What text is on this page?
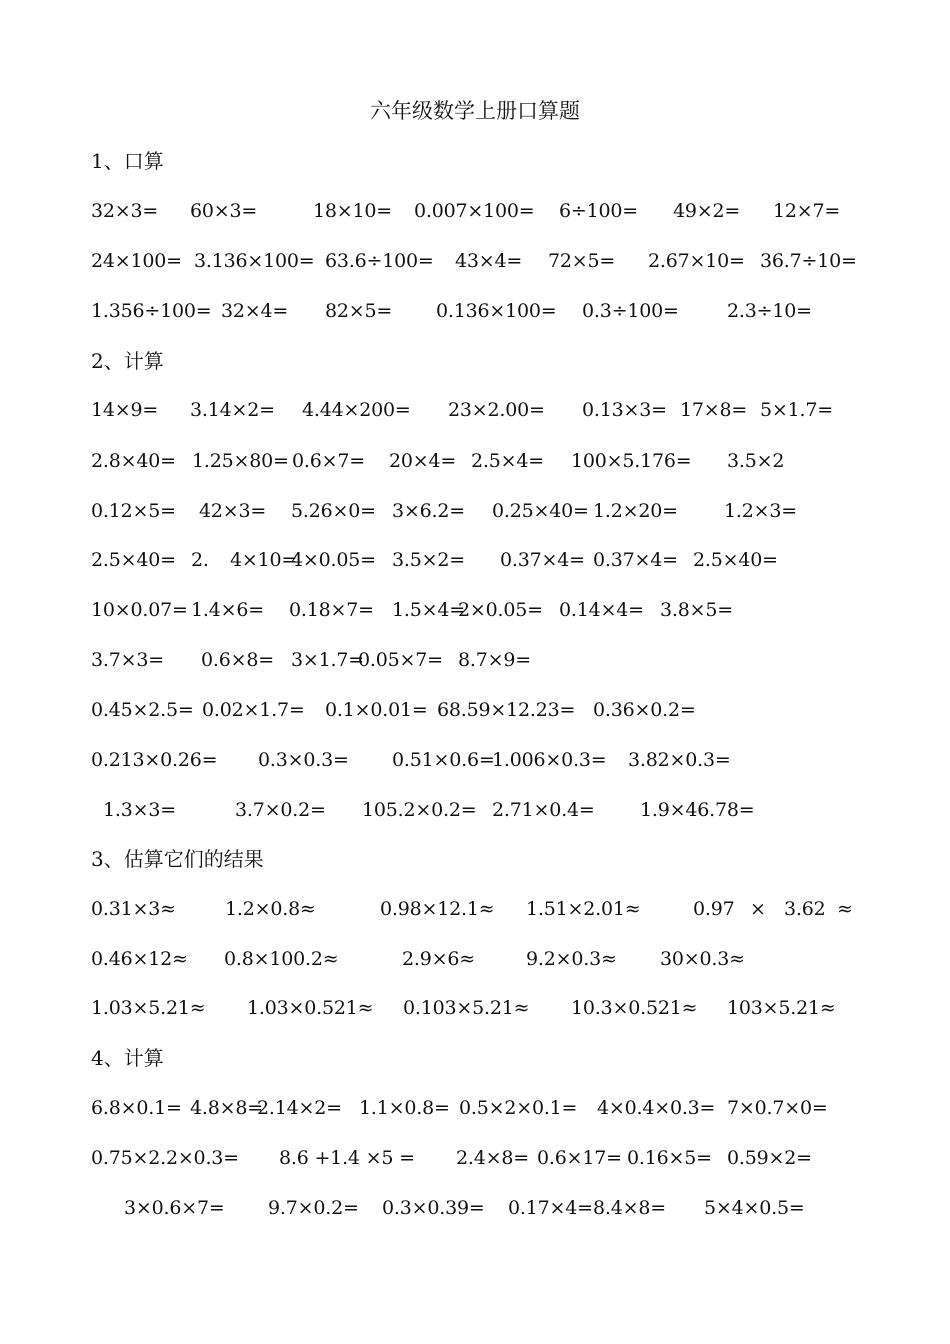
六年级数学上册口算题
1、口算
32×3= 60×3=	18×10= 0.007×100= 6÷100= 49×2= 12×7=
24×100= 3.136×100= 63.6÷100= 43×4= 72×5= 2.67×10= 36.7÷10=
1.356÷100= 32×4= 82×5= 0.136×100= 0.3÷100=	2.3÷10=
2、计算
14×9= 3.14×2= 4.44×200= 23×2.00= 0.13×3= 17×8= 5×1.7=
2.8×40= 1.25×80= 0.6×7= 20×4= 2.5×4= 100×5.176= 3.5×2
0.12×5= 42×3= 5.26×0= 3×6.2= 0.25×40= 1.2×20= 1.2×3=
2.5×40= 2. 4×10=
4×0.05= 3.5×2= 0.37×4= 0.37×4= 2.5×40=
10×0.07= 1.4×6= 0.18×7= 1.5×4=
2×0.05= 0.14×4= 3.8×5=
3.7×3= 0.6×8= 3×1.7=
0.05×7= 8.7×9=
0.45×2.5= 0.02×1.7= 0.1×0.01= 68.59×12.23= 0.36×0.2=
0.213×0.26= 0.3×0.3= 0.51×0.6=
1.006×0.3= 3.82×0.3=
1.3×3=	3.7×0.2= 105.2×0.2= 2.71×0.4= 1.9×46.78=
3、估算它们的结果
0.31×3≈	1.2×0.8≈	0.98×12.1≈ 1.51×2.01≈	0.97 × 3.62 ≈
0.46×12≈ 0.8×100.2≈	2.9×6≈	9.2×0.3≈ 30×0.3≈
1.03×5.21≈ 1.03×0.521≈ 0.103×5.21≈ 10.3×0.521≈ 103×5.21≈
4、计算
6.8×0.1= 4.8×8=
2.14×2= 1.1×0.8= 0.5×2×0.1= 4×0.4×0.3= 7×0.7×0=
0.75×2.2×0.3= 8.6 +1.4 ×5 = 2.4×8= 0.6×17= 0.16×5= 0.59×2=
3×0.6×7= 9.7×0.2= 0.3×0.39= 0.17×4= 8.4×8= 5×4×0.5=
